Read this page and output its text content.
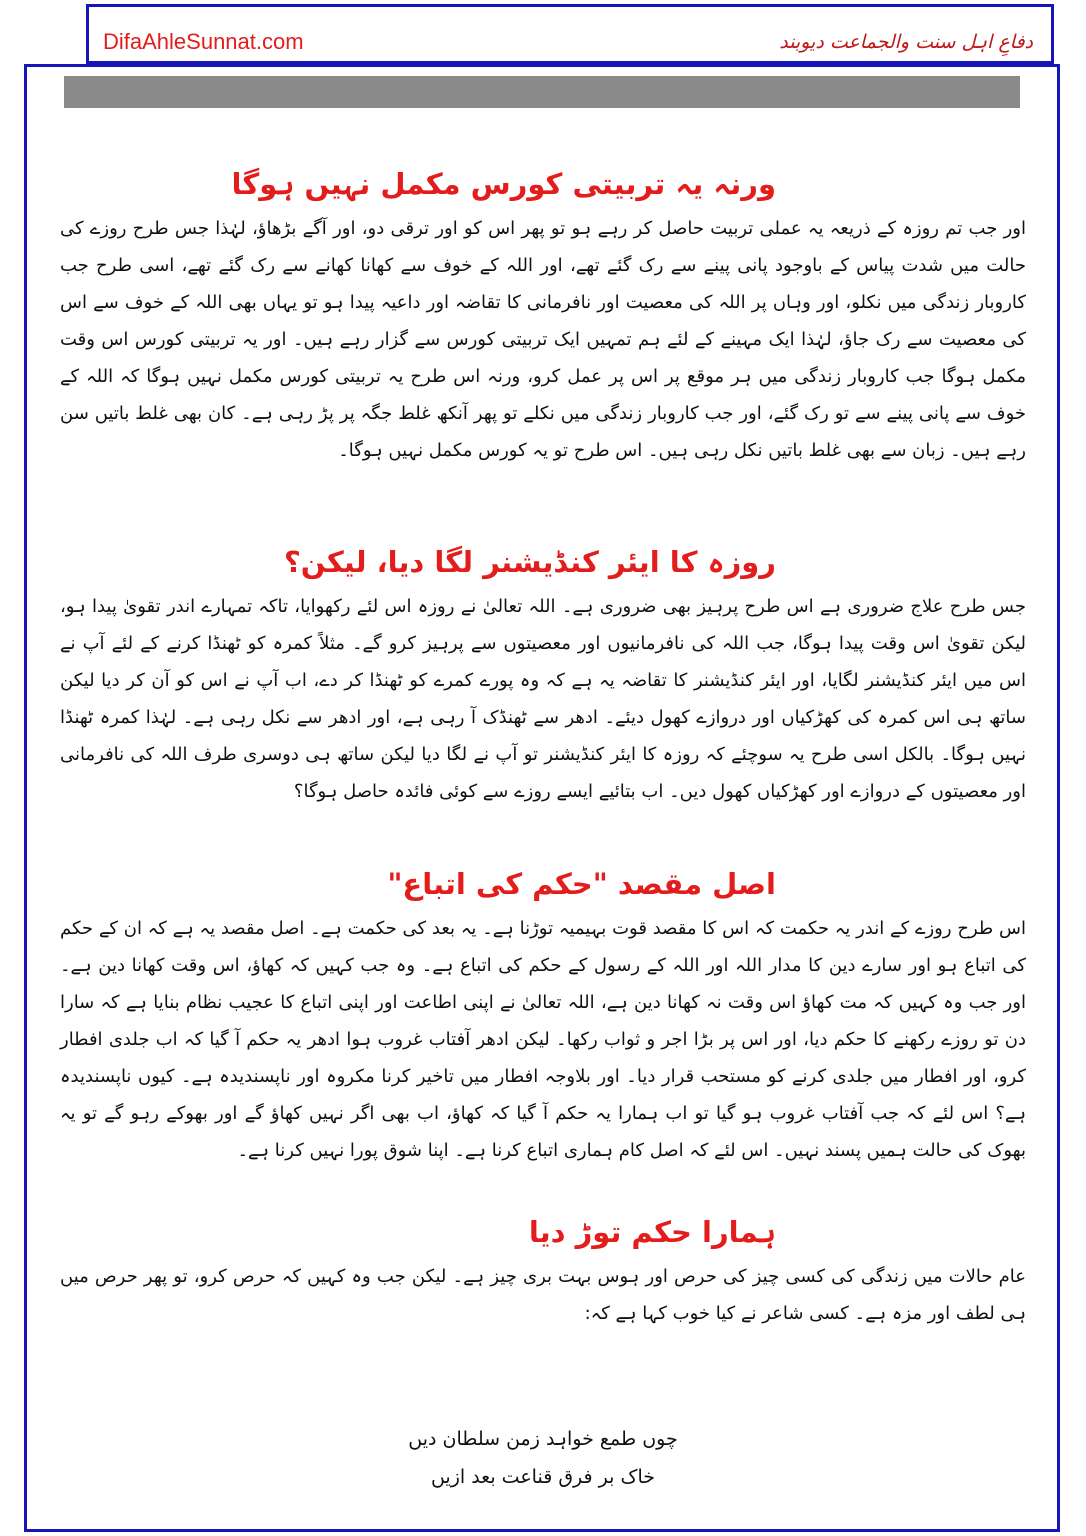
DifaAhleSunnat.com	دفاعِ اہل سنت والجماعت دیوبند
ورنہ یہ تربیتی کورس مکمل نہیں ہوگا

اور جب تم روزہ کے ذریعہ یہ عملی تربیت حاصل کر رہے ہو تو پھر اس کو اور ترقی دو، اور آگے بڑھاؤ، لہٰذا جس طرح روزے کی حالت میں شدت پیاس کے باوجود پانی پینے سے رک گئے تھے، اور اللہ کے خوف سے کھانا کھانے سے رک گئے تھے، اسی طرح جب کاروبار زندگی میں نکلو، اور وہاں پر اللہ کی معصیت اور نافرمانی کا تقاضہ اور داعیہ پیدا ہو تو یہاں بھی اللہ کے خوف سے اس کی معصیت سے رک جاؤ، لہٰذا ایک مہینے کے لئے ہم تمہیں ایک تربیتی کورس سے گزار رہے ہیں۔ اور یہ تربیتی کورس اس وقت مکمل ہوگا جب کاروبار زندگی میں ہر موقع پر اس پر عمل کرو، ورنہ اس طرح یہ تربیتی کورس مکمل نہیں ہوگا کہ اللہ کے خوف سے پانی پینے سے تو رک گئے، اور جب کاروبار زندگی میں نکلے تو پھر آنکھ غلط جگہ پر پڑ رہی ہے۔ کان بھی غلط باتیں سن رہے ہیں۔ زبان سے بھی غلط باتیں نکل رہی ہیں۔ اس طرح تو یہ کورس مکمل نہیں ہوگا۔

روزہ کا ایئر کنڈیشنر لگا دیا، لیکن؟

جس طرح علاج ضروری ہے اس طرح پرہیز بھی ضروری ہے۔ اللہ تعالیٰ نے روزہ اس لئے رکھوایا، تاکہ تمہارے اندر تقویٰ پیدا ہو، لیکن تقویٰ اس وقت پیدا ہوگا، جب اللہ کی نافرمانیوں اور معصیتوں سے پرہیز کرو گے۔ مثلاً کمرہ کو ٹھنڈا کرنے کے لئے آپ نے اس میں ایئر کنڈیشنر لگایا، اور ایئر کنڈیشنر کا تقاضہ یہ ہے کہ وہ پورے کمرے کو ٹھنڈا کر دے، اب آپ نے اس کو آن کر دیا لیکن ساتھ ہی اس کمرہ کی کھڑکیاں اور دروازے کھول دیئے۔ ادھر سے ٹھنڈک آ رہی ہے، اور ادھر سے نکل رہی ہے۔ لہٰذا کمرہ ٹھنڈا نہیں ہوگا۔ بالکل اسی طرح یہ سوچئے کہ روزہ کا ایئر کنڈیشنر تو آپ نے لگا دیا لیکن ساتھ ہی دوسری طرف اللہ کی نافرمانی اور معصیتوں کے دروازے اور کھڑکیاں کھول دیں۔ اب بتائیے ایسے روزے سے کوئی فائدہ حاصل ہوگا؟

اصل مقصد "حکم کی اتباع"

اس طرح روزے کے اندر یہ حکمت کہ اس کا مقصد قوت بہیمیہ توڑنا ہے۔ یہ بعد کی حکمت ہے۔ اصل مقصد یہ ہے کہ ان کے حکم کی اتباع ہو اور سارے دین کا مدار اللہ اور اللہ کے رسول کے حکم کی اتباع ہے۔ وہ جب کہیں کہ کھاؤ، اس وقت کھانا دین ہے۔ اور جب وہ کہیں کہ مت کھاؤ اس وقت نہ کھانا دین ہے، اللہ تعالیٰ نے اپنی اطاعت اور اپنی اتباع کا عجیب نظام بنایا ہے کہ سارا دن تو روزے رکھنے کا حکم دیا، اور اس پر بڑا اجر و ثواب رکھا۔ لیکن ادھر آفتاب غروب ہوا ادھر یہ حکم آ گیا کہ اب جلدی افطار کرو، اور افطار میں جلدی کرنے کو مستحب قرار دیا۔ اور بلاوجہ افطار میں تاخیر کرنا مکروہ اور ناپسندیدہ ہے۔ کیوں ناپسندیدہ ہے؟ اس لئے کہ جب آفتاب غروب ہو گیا تو اب ہمارا یہ حکم آ گیا کہ کھاؤ، اب بھی اگر نہیں کھاؤ گے اور بھوکے رہو گے تو یہ بھوک کی حالت ہمیں پسند نہیں۔ اس لئے کہ اصل کام ہماری اتباع کرنا ہے۔ اپنا شوق پورا نہیں کرنا ہے۔

ہمارا حکم توڑ دیا

عام حالات میں زندگی کی کسی چیز کی حرص اور ہوس بہت بری چیز ہے۔ لیکن جب وہ کہیں کہ حرص کرو، تو پھر حرص میں ہی لطف اور مزہ ہے۔ کسی شاعر نے کیا خوب کہا ہے کہ:

چوں طمع خواہد زمن سلطان دیں
خاک بر فرق قناعت بعد ازیں
